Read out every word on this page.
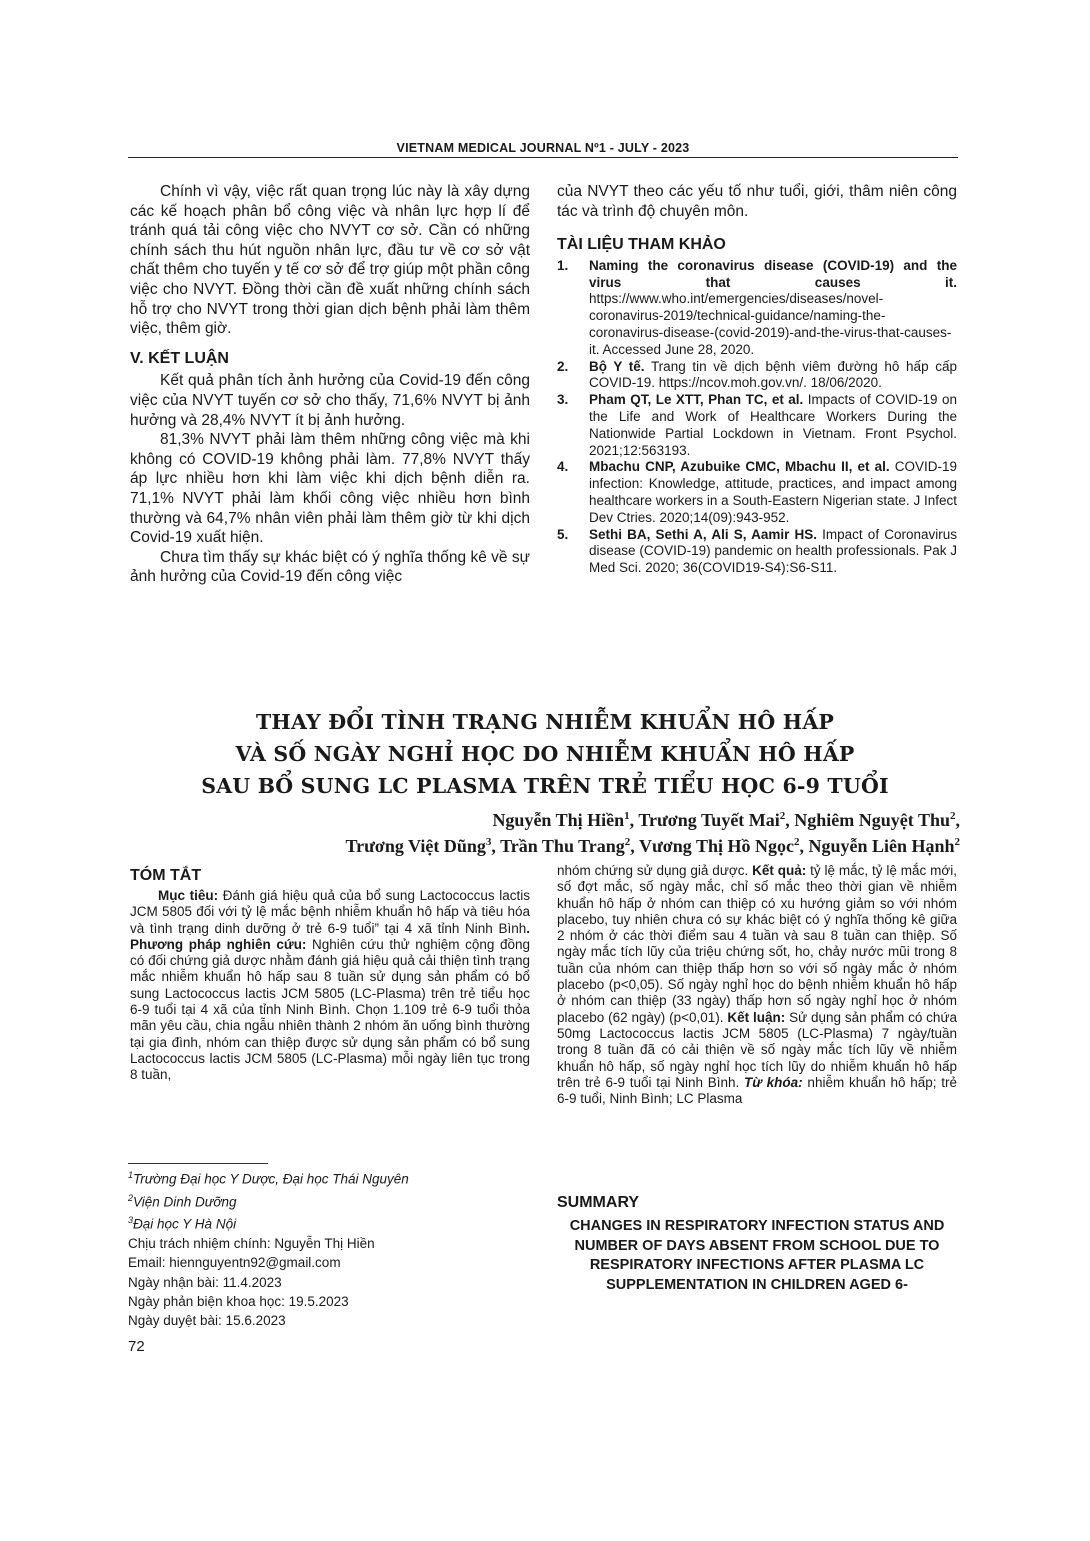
VIETNAM MEDICAL JOURNAL Nº1 - JULY - 2023

Chính vì vậy, việc rất quan trọng lúc này là xây dựng các kế hoạch phân bổ công việc và nhân lực hợp lí để tránh quá tải công việc cho NVYT cơ sở. Cần có những chính sách thu hút nguồn nhân lực, đầu tư về cơ sở vật chất thêm cho tuyến y tế cơ sở để trợ giúp một phần công việc cho NVYT. Đồng thời cần đề xuất những chính sách hỗ trợ cho NVYT trong thời gian dịch bệnh phải làm thêm việc, thêm giờ.

V. KẾT LUẬN

Kết quả phân tích ảnh hưởng của Covid-19 đến công việc của NVYT tuyến cơ sở cho thấy, 71,6% NVYT bị ảnh hưởng và 28,4% NVYT ít bị ảnh hưởng.

81,3% NVYT phải làm thêm những công việc mà khi không có COVID-19 không phải làm. 77,8% NVYT thấy áp lực nhiều hơn khi làm việc khi dịch bệnh diễn ra. 71,1% NVYT phải làm khối công việc nhiều hơn bình thường và 64,7% nhân viên phải làm thêm giờ từ khi dịch Covid-19 xuất hiện.

Chưa tìm thấy sự khác biệt có ý nghĩa thống kê về sự ảnh hưởng của Covid-19 đến công việc

của NVYT theo các yếu tố như tuổi, giới, thâm niên công tác và trình độ chuyên môn.
TÀI LIỆU THAM KHẢO
1. Naming the coronavirus disease (COVID-19) and the virus that causes it. https://www.who.int/emergencies/diseases/novel-coronavirus-2019/technical-guidance/naming-the-coronavirus-disease-(covid-2019)-and-the-virus-that-causes-it. Accessed June 28, 2020.
2. Bộ Y tế. Trang tin về dịch bệnh viêm đường hô hấp cấp COVID-19. https://ncov.moh.gov.vn/. 18/06/2020.
3. Pham QT, Le XTT, Phan TC, et al. Impacts of COVID-19 on the Life and Work of Healthcare Workers During the Nationwide Partial Lockdown in Vietnam. Front Psychol. 2021;12:563193.
4. Mbachu CNP, Azubuike CMC, Mbachu II, et al. COVID-19 infection: Knowledge, attitude, practices, and impact among healthcare workers in a South-Eastern Nigerian state. J Infect Dev Ctries. 2020;14(09):943-952.
5. Sethi BA, Sethi A, Ali S, Aamir HS. Impact of Coronavirus disease (COVID-19) pandemic on health professionals. Pak J Med Sci. 2020; 36(COVID19-S4):S6-S11.
THAY ĐỔI TÌNH TRẠNG NHIỄM KHUẨN HÔ HẤP
VÀ SỐ NGÀY NGHỈ HỌC DO NHIỄM KHUẨN HÔ HẤP
SAU BỔ SUNG LC PLASMA TRÊN TRẺ TIỂU HỌC 6-9 TUỔI
Nguyễn Thị Hiền$^1$, Trương Tuyết Mai$^2$, Nghiêm Nguyệt Thu$^2$,
Trương Việt Dũng$^3$, Trần Thu Trang$^2$, Vương Thị Hồ Ngọc$^2$, Nguyễn Liên Hạnh$^2$
TÓM TẮT

Mục tiêu: Đánh giá hiệu quả của bổ sung Lactococcus lactis JCM 5805 đối với tỷ lệ mắc bệnh nhiễm khuẩn hô hấp và tiêu hóa và tình trạng dinh dưỡng ở trẻ 6-9 tuổi” tại 4 xã tỉnh Ninh Bình. Phương pháp nghiên cứu: Nghiên cứu thử nghiệm cộng đồng có đối chứng giả dược nhằm đánh giá hiệu quả cải thiện tình trạng mắc nhiễm khuẩn hô hấp sau 8 tuần sử dụng sản phẩm có bổ sung Lactococcus lactis JCM 5805 (LC-Plasma) trên trẻ tiểu học 6-9 tuổi tại 4 xã của tỉnh Ninh Bình. Chọn 1.109 trẻ 6-9 tuổi thỏa mãn yêu cầu, chia ngẫu nhiên thành 2 nhóm ăn uống bình thường tại gia đình, nhóm can thiệp được sử dụng sản phẩm có bổ sung Lactococcus lactis JCM 5805 (LC-Plasma) mỗi ngày liên tục trong 8 tuần,

nhóm chứng sử dụng giả dược. Kết quả: tỷ lệ mắc, tỷ lệ mắc mới, số đợt mắc, số ngày mắc, chỉ số mắc theo thời gian về nhiễm khuẩn hô hấp ở nhóm can thiệp có xu hướng giảm so với nhóm placebo, tuy nhiên chưa có sự khác biệt có ý nghĩa thống kê giữa 2 nhóm ở các thời điểm sau 4 tuần và sau 8 tuần can thiệp. Số ngày mắc tích lũy của triệu chứng sốt, ho, chảy nước mũi trong 8 tuần của nhóm can thiệp thấp hơn so với số ngày mắc ở nhóm placebo (p<0,05). Số ngày nghỉ học do bệnh nhiễm khuẩn hô hấp ở nhóm can thiệp (33 ngày) thấp hơn số ngày nghỉ học ở nhóm placebo (62 ngày) (p<0,01). Kết luận: Sử dụng sản phẩm có chứa 50mg Lactococcus lactis JCM 5805 (LC-Plasma) 7 ngày/tuần trong 8 tuần đã có cải thiện về số ngày mắc tích lũy về nhiễm khuẩn hô hấp, số ngày nghỉ học tích lũy do nhiễm khuẩn hô hấp trên trẻ 6-9 tuổi tại Ninh Bình. Từ khóa: nhiễm khuẩn hô hấp; trẻ 6-9 tuổi, Ninh Bình; LC Plasma
SUMMARY
CHANGES IN RESPIRATORY INFECTION STATUS AND NUMBER OF DAYS ABSENT FROM SCHOOL DUE TO RESPIRATORY INFECTIONS AFTER PLASMA LC SUPPLEMENTATION IN CHILDREN AGED 6-
$^1$Trường Đại học Y Dược, Đại học Thái Nguyên
$^2$Viện Dinh Dưỡng
$^3$Đại học Y Hà Nội
Chịu trách nhiệm chính: Nguyễn Thị Hiền
Email: hiennguyentn92@gmail.com
Ngày nhận bài: 11.4.2023
Ngày phản biện khoa học: 19.5.2023
Ngày duyệt bài: 15.6.2023
72
